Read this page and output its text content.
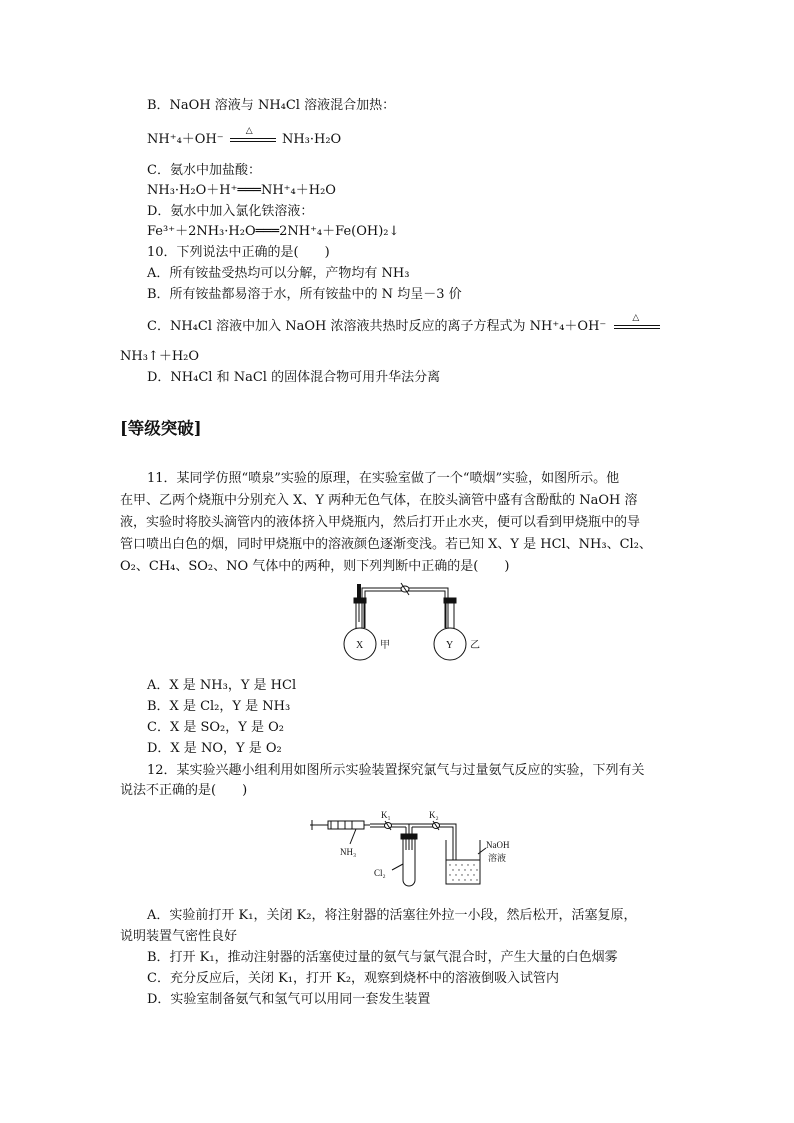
B．NaOH 溶液与 NH₄Cl 溶液混合加热：
NH⁺₄＋OH⁻
△
NH₃·H₂O
C．氨水中加盐酸：
NH₃·H₂O＋H⁺═══NH⁺₄＋H₂O
D．氨水中加入氯化铁溶液：
Fe³⁺＋2NH₃·H₂O═══2NH⁺₄＋Fe(OH)₂↓
10．下列说法中正确的是(　　)
A．所有铵盐受热均可以分解，产物均有 NH₃
B．所有铵盐都易溶于水，所有铵盐中的 N 均呈－3 价
C．NH₄Cl 溶液中加入 NaOH 浓溶液共热时反应的离子方程式为 NH⁺₄＋OH⁻
△
NH₃↑＋H₂O
D．NH₄Cl 和 NaCl 的固体混合物可用升华法分离
[等级突破]
11．某同学仿照“喷泉”实验的原理，在实验室做了一个“喷烟”实验，如图所示。他
在甲、乙两个烧瓶中分别充入 X、Y 两种无色气体，在胶头滴管中盛有含酚酞的 NaOH 溶
液，实验时将胶头滴管内的液体挤入甲烧瓶内，然后打开止水夹，便可以看到甲烧瓶中的导
管口喷出白色的烟，同时甲烧瓶中的溶液颜色逐渐变浅。若已知 X、Y 是 HCl、NH₃、Cl₂、
O₂、CH₄、SO₂、NO 气体中的两种，则下列判断中正确的是(　　)
X 甲	Y 乙
A．X 是 NH₃，Y 是 HCl
B．X 是 Cl₂，Y 是 NH₃
C．X 是 SO₂，Y 是 O₂
D．X 是 NO，Y 是 O₂
12．某实验兴趣小组利用如图所示实验装置探究氯气与过量氨气反应的实验，下列有关
说法不正确的是(　　)
K₁	K₂
NH₃
Cl₂
NaOH
溶液
A．实验前打开 K₁，关闭 K₂，将注射器的活塞往外拉一小段，然后松开，活塞复原，
说明装置气密性良好
B．打开 K₁，推动注射器的活塞使过量的氨气与氯气混合时，产生大量的白色烟雾
C．充分反应后，关闭 K₁，打开 K₂，观察到烧杯中的溶液倒吸入试管内
D．实验室制备氨气和氢气可以用同一套发生装置
